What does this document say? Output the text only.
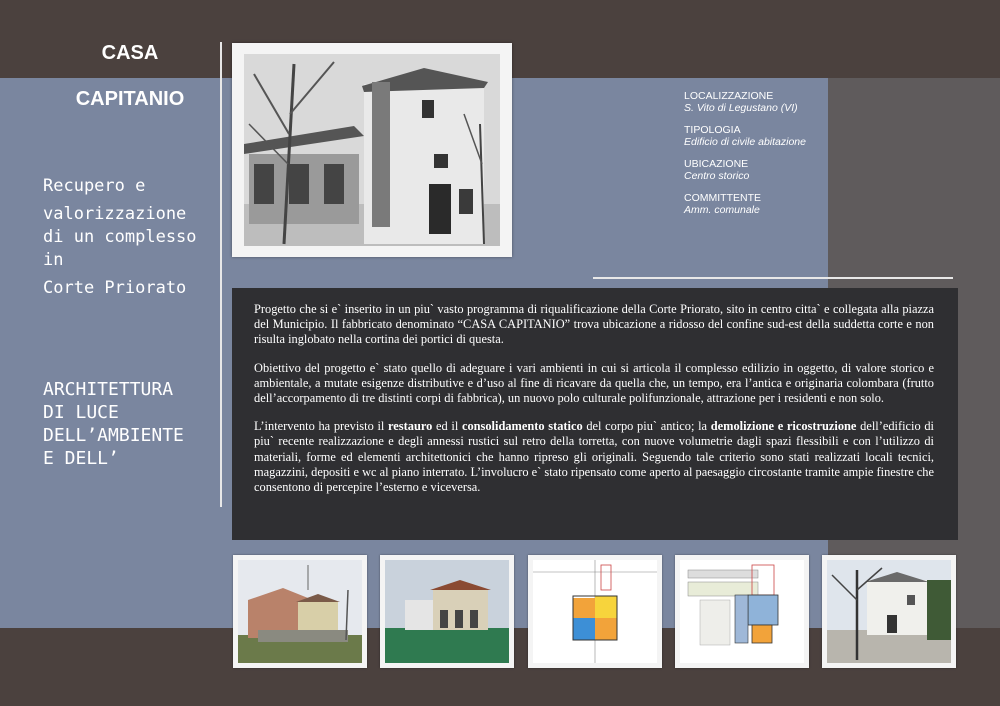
CASA
CAPITANIO
Recupero e
valorizzazione
di un complesso
in
Corte Priorato
ARCHITETTURA
DI LUCE
DELL’AMBIENTE
E DELL’
LOCALIZZAZIONE
S. Vito di Legustano (VI)
TIPOLOGIA
Edificio di civile abitazione
UBICAZIONE
Centro storico
COMMITTENTE
Amm. comunale

Progetto che si e` inserito in un piu` vasto programma di riqualificazione della Corte Priorato, sito in centro citta` e collegata alla piazza del Municipio. Il fabbricato denominato “CASA CAPITANIO” trova ubicazione a ridosso del confine sud-est della suddetta corte e non risulta inglobato nella cortina dei portici di questa.

Obiettivo del progetto e` stato quello di adeguare i vari ambienti in cui si articola il complesso edilizio in oggetto, di valore storico e ambientale, a mutate esigenze distributive e d’uso al fine di ricavare da quella che, un tempo, era l’antica e originaria colombara (frutto dell’accorpamento di tre distinti corpi di fabbrica), un nuovo polo culturale polifunzionale, attrazione per i residenti e non solo.

L’intervento ha previsto il restauro ed il consolidamento statico del corpo piu` antico; la demolizione e ricostruzione dell’edificio di piu` recente realizzazione e degli annessi rustici sul retro della torretta, con nuove volumetrie dagli spazi flessibili e con l’utilizzo di materiali, forme ed elementi architettonici che hanno ripreso gli originali. Seguendo tale criterio sono stati realizzati locali tecnici, magazzini, depositi e wc al piano interrato. L’involucro e` stato ripensato come aperto al paesaggio circostante tramite ampie finestre che consentono di percepire l’esterno e viceversa.
